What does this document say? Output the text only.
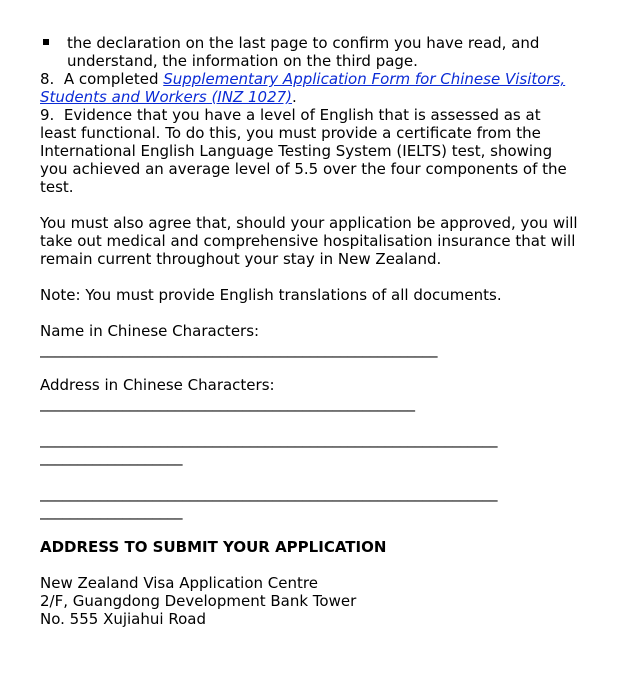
the declaration on the last page to confirm you have read, and
understand, the information on the third page.
8.  A completed Supplementary Application Form for Chinese Visitors,
Students and Workers (INZ 1027).
9.  Evidence that you have a level of English that is assessed as at
least functional. To do this, you must provide a certificate from the
International English Language Testing System (IELTS) test, showing
you achieved an average level of 5.5 over the four components of the
test.
You must also agree that, should your application be approved, you will
take out medical and comprehensive hospitalisation insurance that will
remain current throughout your stay in New Zealand.
Note: You must provide English translations of all documents.
Name in Chinese Characters:
_____________________________________________________
Address in Chinese Characters:
__________________________________________________
_____________________________________________________________
___________________
_____________________________________________________________
___________________
ADDRESS TO SUBMIT YOUR APPLICATION
New Zealand Visa Application Centre
2/F, Guangdong Development Bank Tower
No. 555 Xujiahui Road
